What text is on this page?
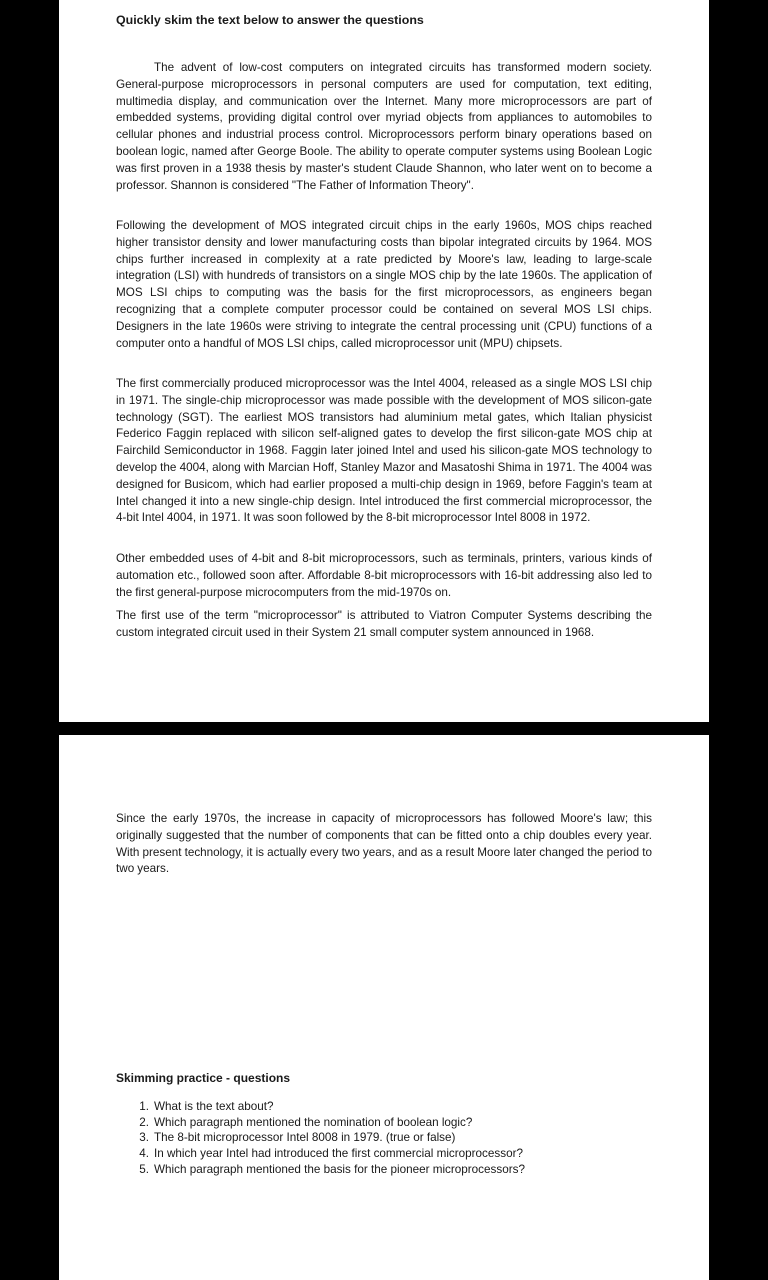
Quickly skim the text below to answer the questions

The advent of low-cost computers on integrated circuits has transformed modern society. General-purpose microprocessors in personal computers are used for computation, text editing, multimedia display, and communication over the Internet. Many more microprocessors are part of embedded systems, providing digital control over myriad objects from appliances to automobiles to cellular phones and industrial process control. Microprocessors perform binary operations based on boolean logic, named after George Boole. The ability to operate computer systems using Boolean Logic was first proven in a 1938 thesis by master's student Claude Shannon, who later went on to become a professor. Shannon is considered "The Father of Information Theory".

Following the development of MOS integrated circuit chips in the early 1960s, MOS chips reached higher transistor density and lower manufacturing costs than bipolar integrated circuits by 1964. MOS chips further increased in complexity at a rate predicted by Moore's law, leading to large-scale integration (LSI) with hundreds of transistors on a single MOS chip by the late 1960s. The application of MOS LSI chips to computing was the basis for the first microprocessors, as engineers began recognizing that a complete computer processor could be contained on several MOS LSI chips. Designers in the late 1960s were striving to integrate the central processing unit (CPU) functions of a computer onto a handful of MOS LSI chips, called microprocessor unit (MPU) chipsets.

The first commercially produced microprocessor was the Intel 4004, released as a single MOS LSI chip in 1971. The single-chip microprocessor was made possible with the development of MOS silicon-gate technology (SGT). The earliest MOS transistors had aluminium metal gates, which Italian physicist Federico Faggin replaced with silicon self-aligned gates to develop the first silicon-gate MOS chip at Fairchild Semiconductor in 1968. Faggin later joined Intel and used his silicon-gate MOS technology to develop the 4004, along with Marcian Hoff, Stanley Mazor and Masatoshi Shima in 1971. The 4004 was designed for Busicom, which had earlier proposed a multi-chip design in 1969, before Faggin's team at Intel changed it into a new single-chip design. Intel introduced the first commercial microprocessor, the 4-bit Intel 4004, in 1971. It was soon followed by the 8-bit microprocessor Intel 8008 in 1972.

Other embedded uses of 4-bit and 8-bit microprocessors, such as terminals, printers, various kinds of automation etc., followed soon after. Affordable 8-bit microprocessors with 16-bit addressing also led to the first general-purpose microcomputers from the mid-1970s on.

The first use of the term "microprocessor" is attributed to Viatron Computer Systems describing the custom integrated circuit used in their System 21 small computer system announced in 1968.

Since the early 1970s, the increase in capacity of microprocessors has followed Moore's law; this originally suggested that the number of components that can be fitted onto a chip doubles every year. With present technology, it is actually every two years, and as a result Moore later changed the period to two years.

Skimming practice - questions
1. What is the text about?
2. Which paragraph mentioned the nomination of boolean logic?
3. The 8-bit microprocessor Intel 8008 in 1979. (true or false)
4. In which year Intel had introduced the first commercial microprocessor?
5. Which paragraph mentioned the basis for the pioneer microprocessors?
